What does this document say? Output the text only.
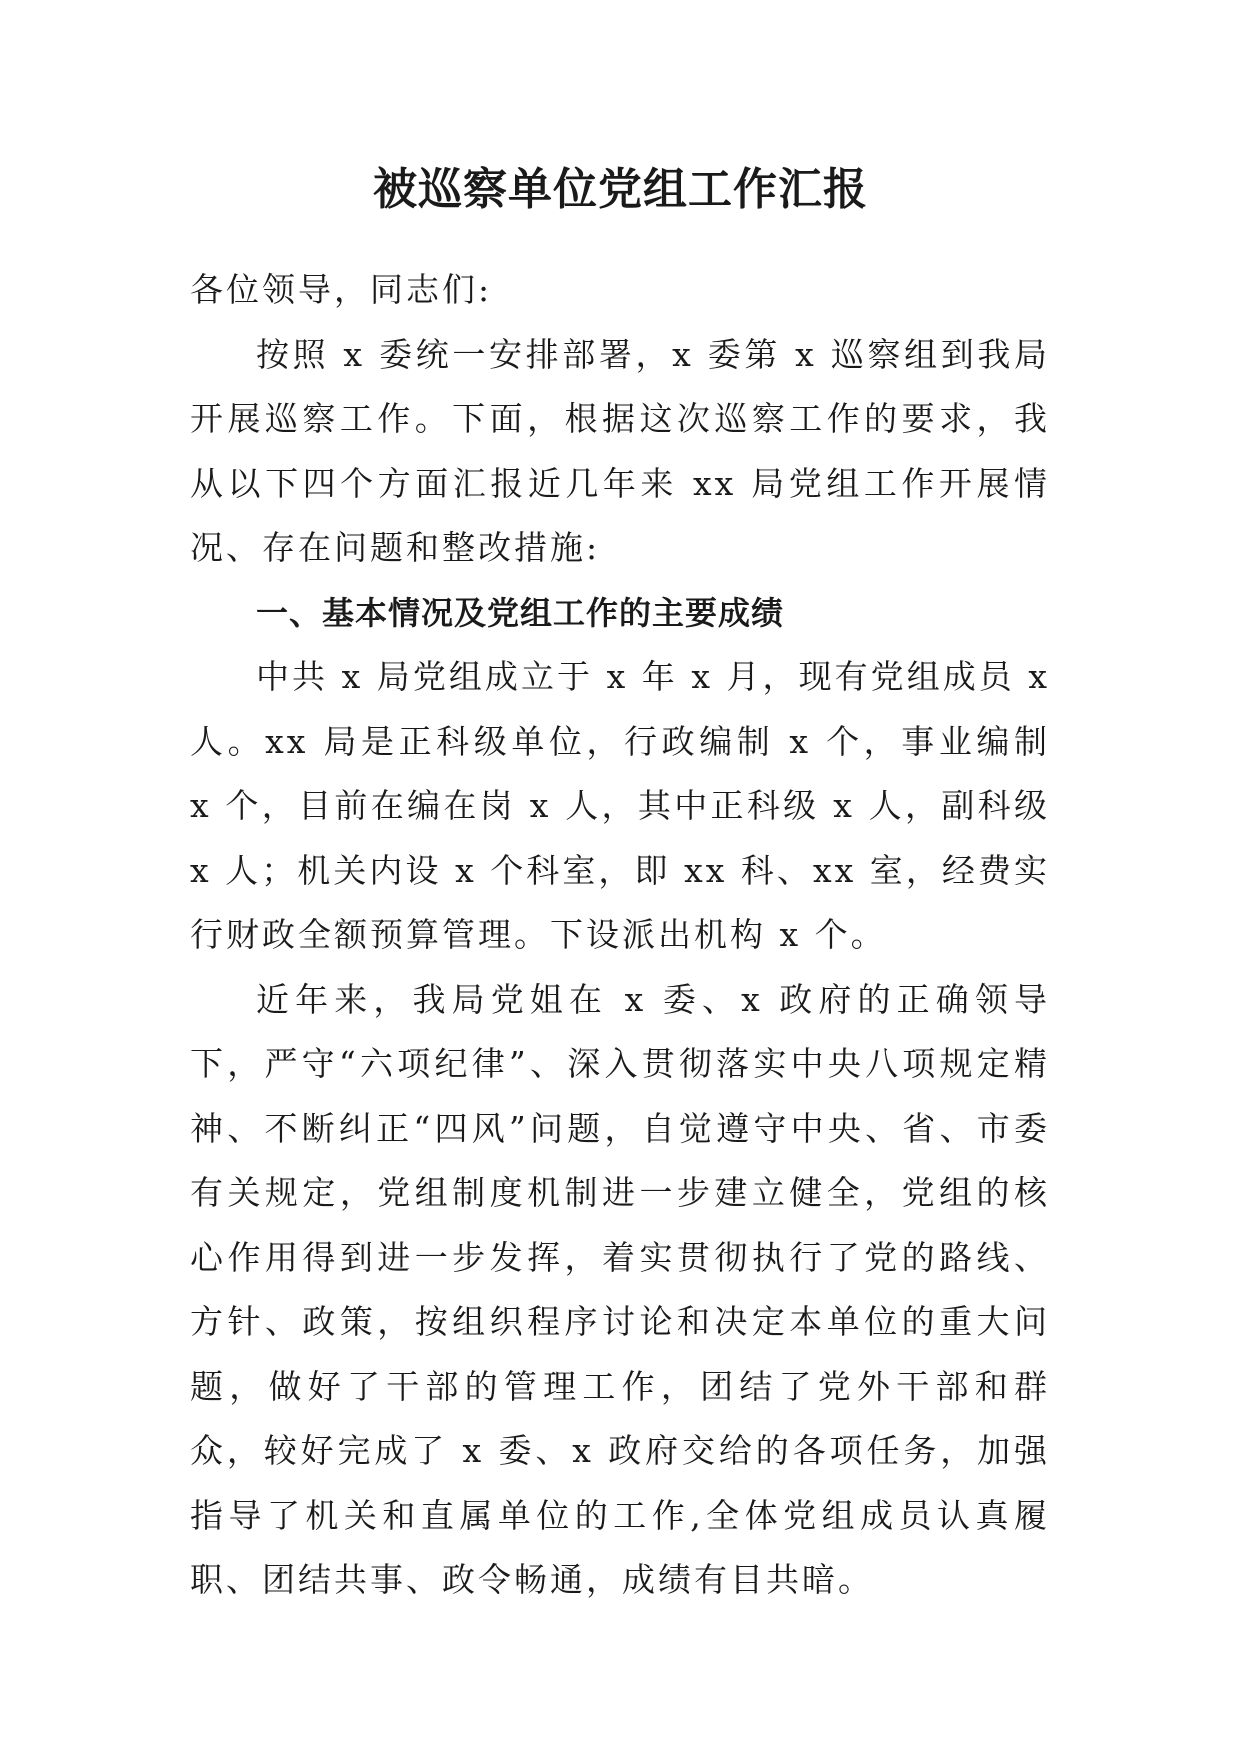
被巡察单位党组工作汇报

各位领导，同志们:

按照 x 委统一安排部署，x 委第 x 巡察组到我局开展巡察工作。下面，根据这次巡察工作的要求，我从以下四个方面汇报近几年来 xx 局党组工作开展情况、存在问题和整改措施:

一、基本情况及党组工作的主要成绩

中共 x 局党组成立于 x 年 x 月，现有党组成员 x 人。xx 局是正科级单位，行政编制 x 个，事业编制 x 个，目前在编在岗 x 人，其中正科级 x 人，副科级 x 人；机关内设 x 个科室，即 xx 科、xx 室，经费实行财政全额预算管理。下设派出机构 x 个。

近年来，我局党姐在 x 委、x 政府的正确领导下，严守“六项纪律”、深入贯彻落实中央八项规定精神、不断纠正“四风”问题，自觉遵守中央、省、市委有关规定，党组制度机制进一步建立健全，党组的核心作用得到进一步发挥，着实贯彻执行了党的路线、方针、政策，按组织程序讨论和决定本单位的重大问题，做好了干部的管理工作，团结了党外干部和群众，较好完成了 x 委、x 政府交给的各项任务，加强指导了机关和直属单位的工作,全体党组成员认真履职、团结共事、政令畅通，成绩有目共暗。
